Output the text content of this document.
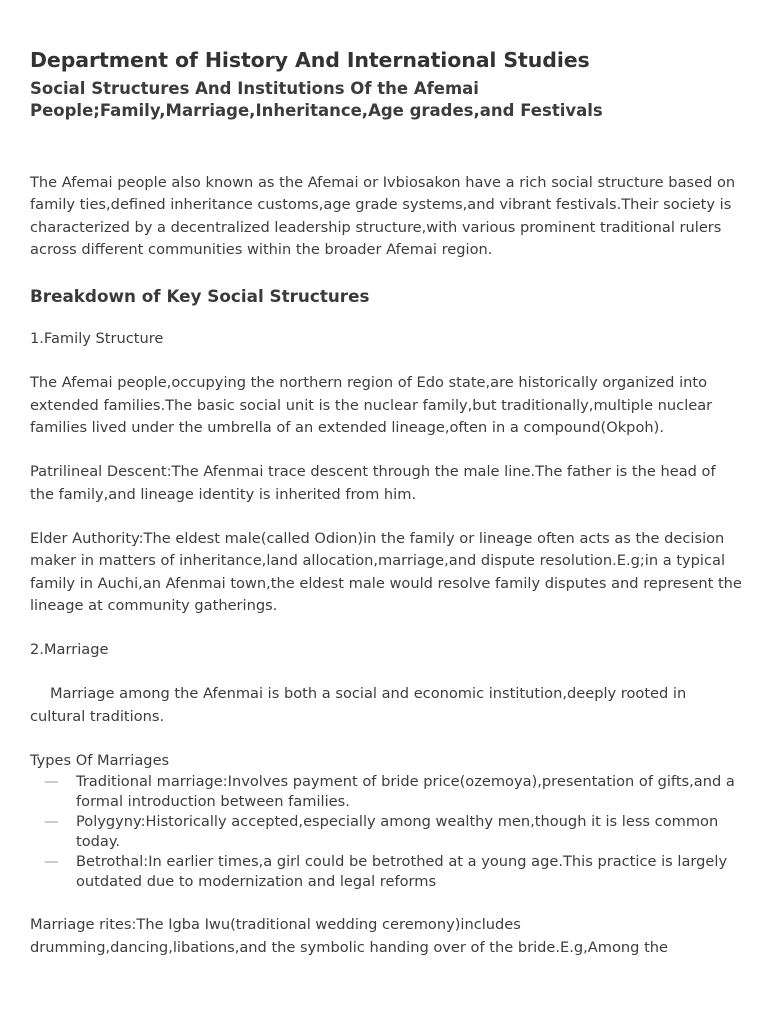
Department of History And International Studies
Social Structures And Institutions Of the Afemai People;Family,Marriage,Inheritance,Age grades,and Festivals

The Afemai people also known as the Afemai or Ivbiosakon have a rich social structure based on family ties,defined inheritance customs,age grade systems,and vibrant festivals.Their society is characterized by a decentralized leadership structure,with various prominent traditional rulers across different communities within the broader Afemai region.

Breakdown of Key Social Structures

1.Family Structure

The Afemai people,occupying the northern region of Edo state,are historically organized into extended families.The basic social unit is the nuclear family,but traditionally,multiple nuclear families lived under the umbrella of an extended lineage,often in a compound(Okpoh).

Patrilineal Descent:The Afenmai trace descent through the male line.The father is the head of the family,and lineage identity is inherited from him.

Elder Authority:The eldest male(called Odion)in the family or lineage often acts as the decision maker in matters of inheritance,land allocation,marriage,and dispute resolution.E.g;in a typical family in Auchi,an Afenmai town,the eldest male would resolve family disputes and represent the lineage at community gatherings.

2.Marriage

Marriage among the Afenmai is both a social and economic institution,deeply rooted in cultural traditions.

Types Of Marriages

— Traditional marriage:Involves payment of bride price(ozemoya),presentation of gifts,and a formal introduction between families.
— Polygyny:Historically accepted,especially among wealthy men,though it is less common today.
— Betrothal:In earlier times,a girl could be betrothed at a young age.This practice is largely outdated due to modernization and legal reforms

Marriage rites:The Igba Iwu(traditional wedding ceremony)includes drumming,dancing,libations,and the symbolic handing over of the bride.E.g,Among the
